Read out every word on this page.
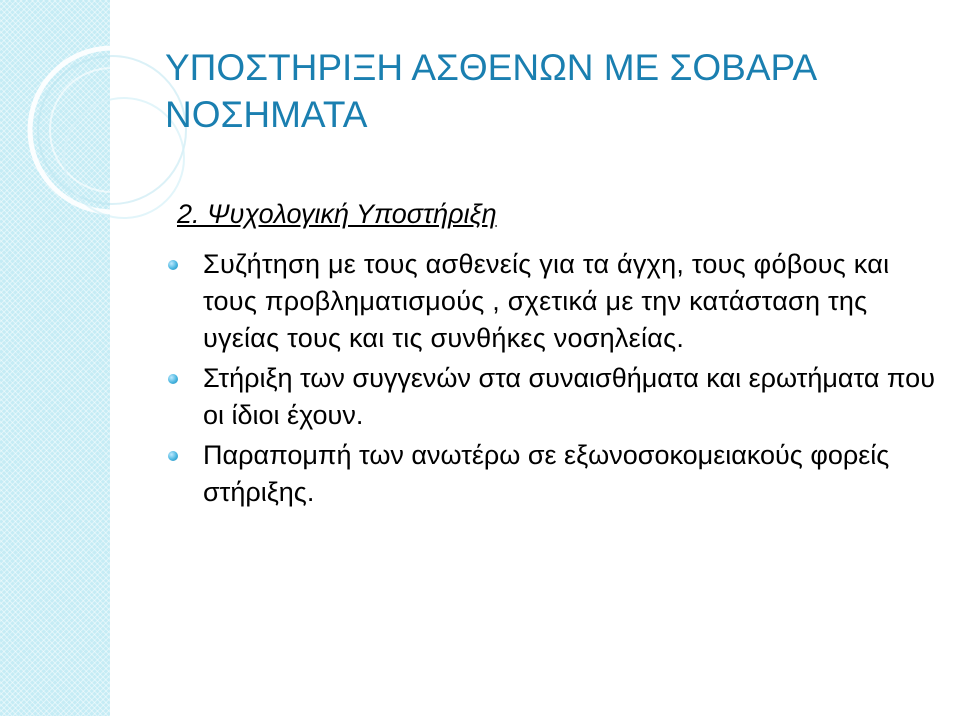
ΥΠΟΣΤΗΡΙΞΗ ΑΣΘΕΝΩΝ ΜΕ ΣΟΒΑΡΑ ΝΟΣΗΜΑΤΑ

2. Ψυχολογική Υποστήριξη

Συζήτηση με τους ασθενείς για τα άγχη, τους φόβους και τους προβληματισμούς , σχετικά με την κατάσταση της υγείας τους και τις συνθήκες νοσηλείας.
Στήριξη των συγγενών στα συναισθήματα και ερωτήματα που οι ίδιοι έχουν.
Παραπομπή των ανωτέρω σε εξωνοσοκομειακούς φορείς στήριξης.
